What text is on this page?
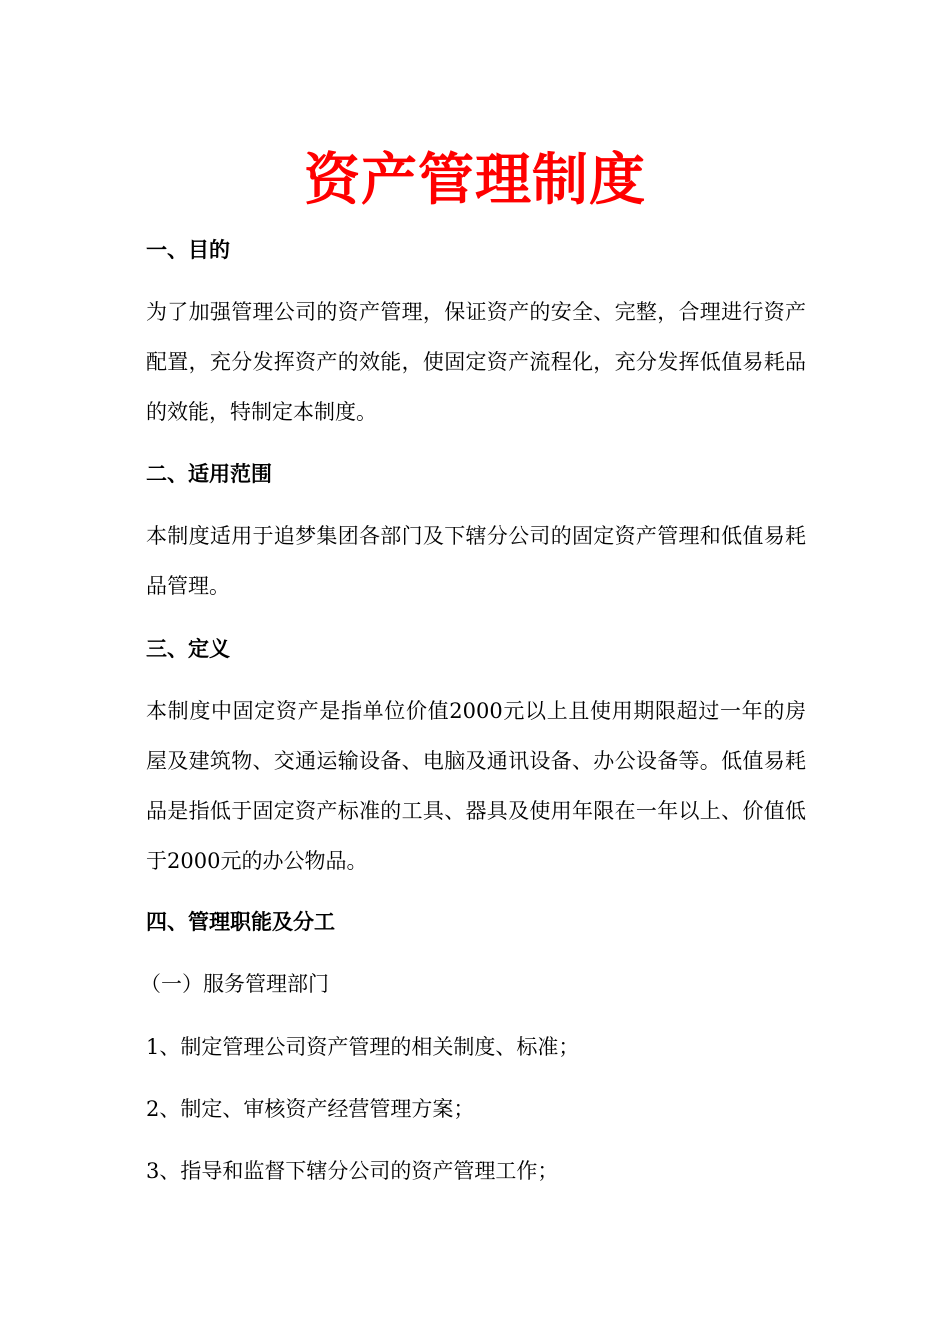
资产管理制度
一、目的

为了加强管理公司的资产管理，保证资产的安全、完整，合理进行资产配置，充分发挥资产的效能，使固定资产流程化，充分发挥低值易耗品的效能，特制定本制度。

二、适用范围

本制度适用于追梦集团各部门及下辖分公司的固定资产管理和低值易耗品管理。

三、定义

本制度中固定资产是指单位价值2000元以上且使用期限超过一年的房屋及建筑物、交通运输设备、电脑及通讯设备、办公设备等。低值易耗品是指低于固定资产标准的工具、器具及使用年限在一年以上、价值低于2000元的办公物品。

四、管理职能及分工
（一）服务管理部门
1、制定管理公司资产管理的相关制度、标准；
2、制定、审核资产经营管理方案；
3、指导和监督下辖分公司的资产管理工作；
